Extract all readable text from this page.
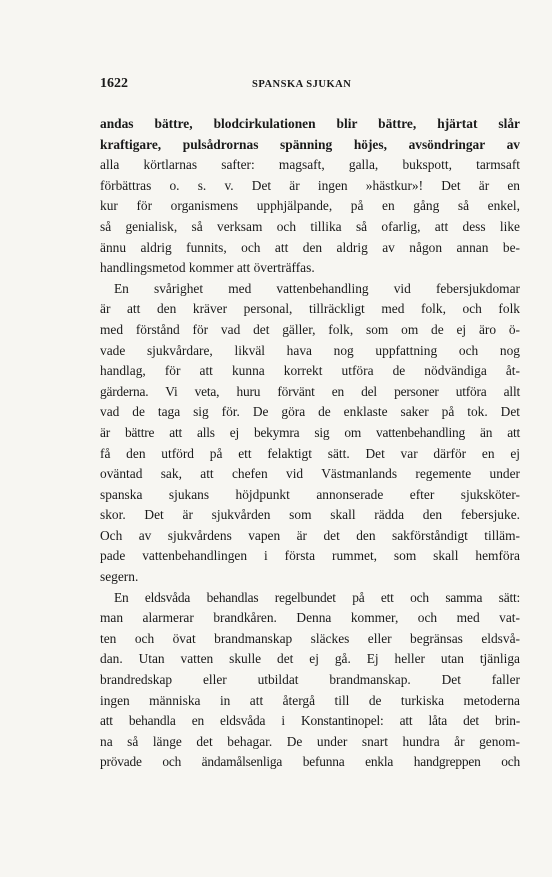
1622	SPANSKA SJUKAN
andas bättre, blodcirkulationen blir bättre, hjärtat slår
kraftigare, pulsådrornas spänning höjes, avsöndringar av
alla körtlarnas safter: magsaft, galla, bukspott, tarmsaft
förbättras o. s. v. Det är ingen »hästkur»! Det är en
kur för organismens upphjälpande, på en gång så enkel,
så genialisk, så verksam och tillika så ofarlig, att dess like
ännu aldrig funnits, och att den aldrig av någon annan be-
handlingsmetod kommer att överträffas.
En svårighet med vattenbehandling vid febersjukdomar
är att den kräver personal, tillräckligt med folk, och folk
med förstånd för vad det gäller, folk, som om de ej äro ö-
vade sjukvårdare, likväl hava nog uppfattning och nog
handlag, för att kunna korrekt utföra de nödvändiga åt-
gärderna. Vi veta, huru förvänt en del personer utföra allt
vad de taga sig för. De göra de enklaste saker på tok. Det
är bättre att alls ej bekymra sig om vattenbehandling än att
få den utförd på ett felaktigt sätt. Det var därför en ej
oväntad sak, att chefen vid Västmanlands regemente under
spanska sjukans höjdpunkt annonserade efter sjuksköter-
skor. Det är sjukvården som skall rädda den febersjuke.
Och av sjukvårdens vapen är det den sakförståndigt tilläm-
pade vattenbehandlingen i första rummet, som skall hemföra
segern.
En eldsvåda behandlas regelbundet på ett och samma sätt:
man alarmerar brandkåren. Denna kommer, och med vat-
ten och övat brandmanskap släckes eller begränsas eldsvå-
dan. Utan vatten skulle det ej gå. Ej heller utan tjänliga
brandredskap eller utbildat brandmanskap. Det faller
ingen människa in att återgå till de turkiska metoderna
att behandla en eldsvåda i Konstantinopel: att låta det brin-
na så länge det behagar. De under snart hundra år genom-
prövade och ändamålsenliga befunna enkla handgreppen och
